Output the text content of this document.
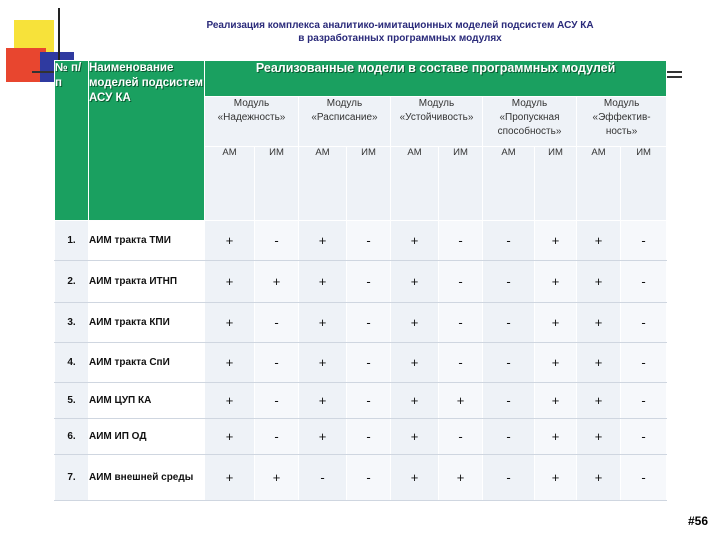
Реализация комплекса аналитико-имитационных моделей подсистем АСУ КА
в разработанных программных модулях
№ п/п	Наименование моделей подсистем АСУ КА	Реализованные модели в составе программных модулей									
		Модуль «Надежность»		Модуль «Расписание»		Модуль «Устойчивость»		Модуль «Пропускная способность»		Модуль «Эффектив-ность»	
		АМ	ИМ	АМ	ИМ	АМ	ИМ	АМ	ИМ	АМ	ИМ
1.	АИМ тракта ТМИ	+	-	+	-	+	-	-	+	+	-
2.	АИМ тракта ИТНП	+	+	+	-	+	-	-	+	+	-
3.	АИМ тракта КПИ	+	-	+	-	+	-	-	+	+	-
4.	АИМ тракта СпИ	+	-	+	-	+	-	-	+	+	-
5.	АИМ ЦУП КА	+	-	+	-	+	+	-	+	+	-
6.	АИМ ИП ОД	+	-	+	-	+	-	-	+	+	-
7.	АИМ внешней среды	+	+	-	-	+	+	-	+	+	-
#56
